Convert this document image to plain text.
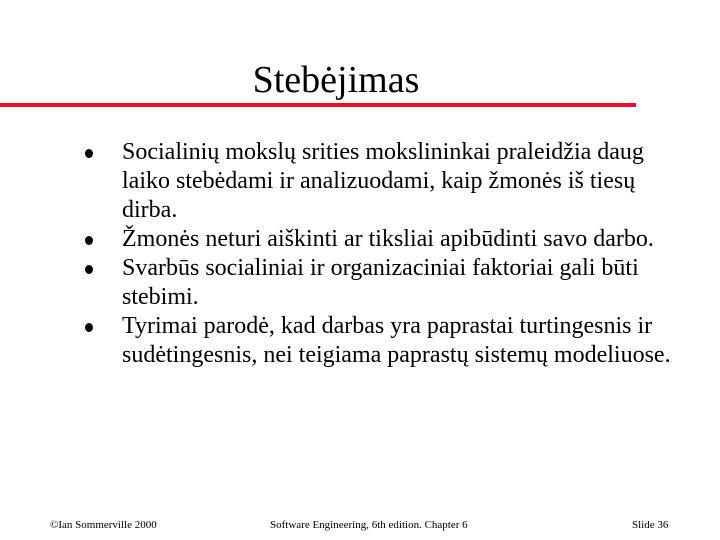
Stebėjimas
Socialinių mokslų srities mokslininkai praleidžia daug laiko stebėdami ir analizuodami, kaip žmonės iš tiesų dirba.
Žmonės neturi aiškinti ar tiksliai apibūdinti savo darbo.
Svarbūs socialiniai ir organizaciniai faktoriai gali būti stebimi.
Tyrimai parodė, kad darbas yra paprastai turtingesnis ir sudėtingesnis, nei teigiama paprastų sistemų modeliuose.
©Ian Sommerville 2000	Software Engineering, 6th edition. Chapter 6	Slide 36
